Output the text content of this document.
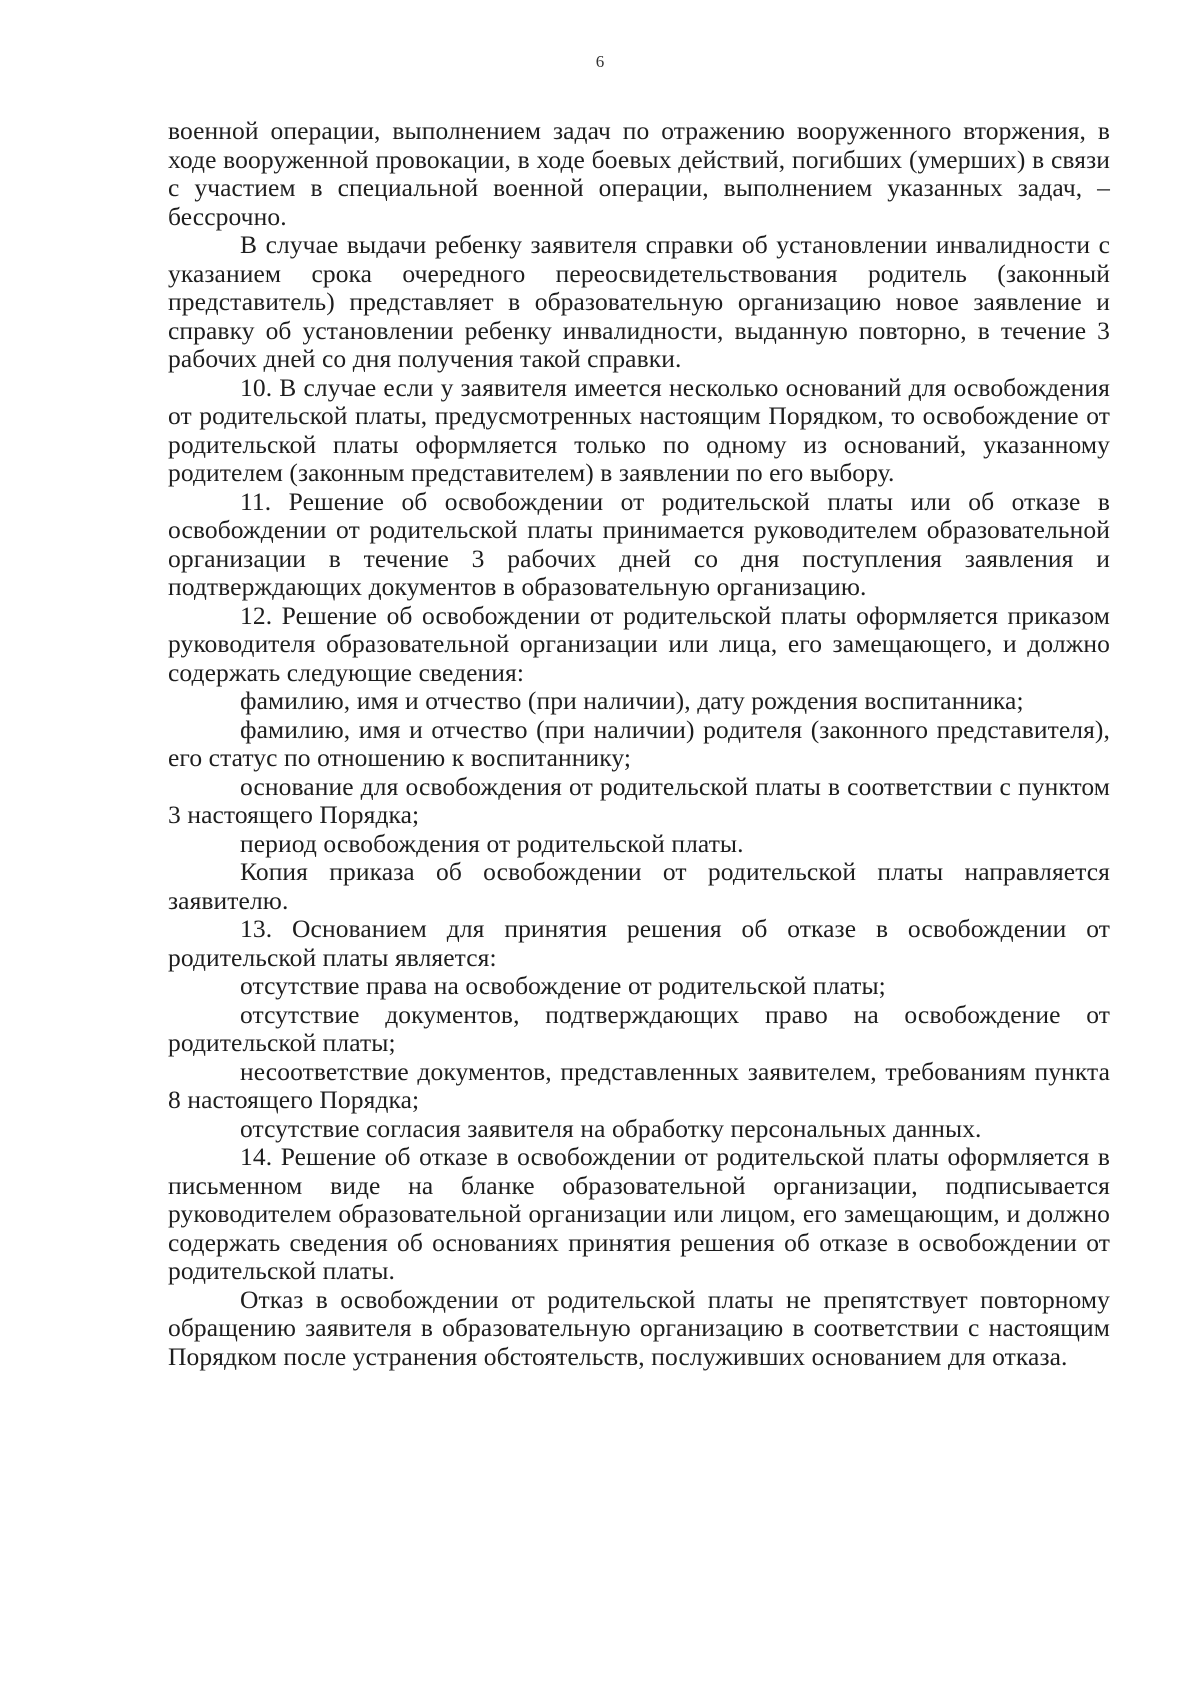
6

военной операции, выполнением задач по отражению вооруженного вторжения, в ходе вооруженной провокации, в ходе боевых действий, погибших (умерших) в связи с участием в специальной военной операции, выполнением указанных задач, – бессрочно.

В случае выдачи ребенку заявителя справки об установлении инвалидности с указанием срока очередного переосвидетельствования родитель (законный представитель) представляет в образовательную организацию новое заявление и справку об установлении ребенку инвалидности, выданную повторно, в течение 3 рабочих дней со дня получения такой справки.

10. В случае если у заявителя имеется несколько оснований для освобождения от родительской платы, предусмотренных настоящим Порядком, то освобождение от родительской платы оформляется только по одному из оснований, указанному родителем (законным представителем) в заявлении по его выбору.

11. Решение об освобождении от родительской платы или об отказе в освобождении от родительской платы принимается руководителем образовательной организации в течение 3 рабочих дней со дня поступления заявления и подтверждающих документов в образовательную организацию.

12. Решение об освобождении от родительской платы оформляется приказом руководителя образовательной организации или лица, его замещающего, и должно содержать следующие сведения:

фамилию, имя и отчество (при наличии), дату рождения воспитанника;

фамилию, имя и отчество (при наличии) родителя (законного представителя), его статус по отношению к воспитаннику;

основание для освобождения от родительской платы в соответствии с пунктом 3 настоящего Порядка;

период освобождения от родительской платы.

Копия приказа об освобождении от родительской платы направляется заявителю.

13. Основанием для принятия решения об отказе в освобождении от родительской платы является:

отсутствие права на освобождение от родительской платы;

отсутствие документов, подтверждающих право на освобождение от родительской платы;

несоответствие документов, представленных заявителем, требованиям пункта 8 настоящего Порядка;

отсутствие согласия заявителя на обработку персональных данных.

14. Решение об отказе в освобождении от родительской платы оформляется в письменном виде на бланке образовательной организации, подписывается руководителем образовательной организации или лицом, его замещающим, и должно содержать сведения об основаниях принятия решения об отказе в освобождении от родительской платы.

Отказ в освобождении от родительской платы не препятствует повторному обращению заявителя в образовательную организацию в соответствии с настоящим Порядком после устранения обстоятельств, послуживших основанием для отказа.
